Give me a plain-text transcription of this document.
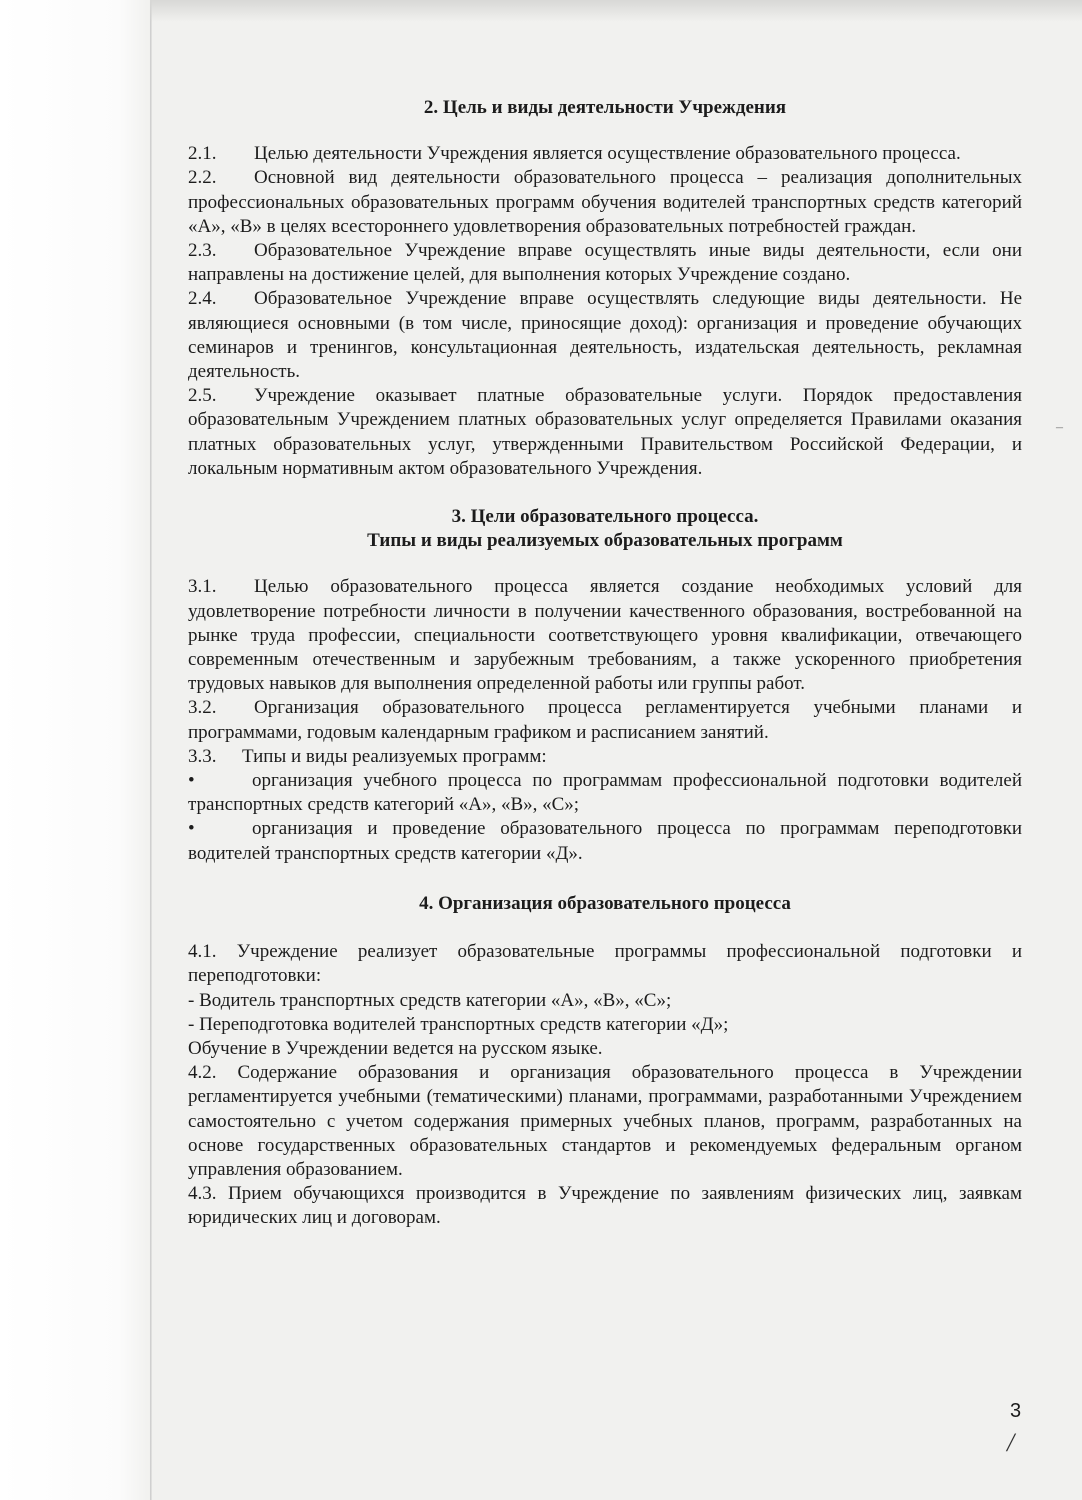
‒

2. Цель и виды деятельности Учреждения

2.1. Целью деятельности Учреждения является осуществление образовательного процесса.

2.2. Основной вид деятельности образовательного процесса – реализация дополнительных профессиональных образовательных программ обучения водителей транспортных средств категорий «А», «В» в целях всестороннего удовлетворения образовательных потребностей граждан.

2.3. Образовательное Учреждение вправе осуществлять иные виды деятельности, если они направлены на достижение целей, для выполнения которых Учреждение создано.

2.4. Образовательное Учреждение вправе осуществлять следующие виды деятельности. Не являющиеся основными (в том числе, приносящие доход): организация и проведение обучающих семинаров и тренингов, консультационная деятельность, издательская деятельность, рекламная деятельность.

2.5. Учреждение оказывает платные образовательные услуги. Порядок предоставления образовательным Учреждением платных образовательных услуг определяется Правилами оказания платных образовательных услуг, утвержденными Правительством Российской Федерации, и локальным нормативным актом образовательного Учреждения.

3. Цели образовательного процесса.
Типы и виды реализуемых образовательных программ

3.1. Целью образовательного процесса является создание необходимых условий для удовлетворение потребности личности в получении качественного образования, востребованной на рынке труда профессии, специальности соответствующего уровня квалификации, отвечающего современным отечественным и зарубежным требованиям, а также ускоренного приобретения трудовых навыков для выполнения определенной работы или группы работ.

3.2. Организация образовательного процесса регламентируется учебными планами и программами, годовым календарным графиком и расписанием занятий.

3.3. Типы и виды реализуемых программ:

•	организация учебного процесса по программам профессиональной подготовки водителей транспортных средств категорий «А», «В», «С»;

•	организация и проведение образовательного процесса по программам переподготовки водителей транспортных средств категории «Д».

4. Организация образовательного процесса

4.1. Учреждение реализует образовательные программы профессиональной подготовки и переподготовки:

- Водитель транспортных средств категории «А», «В», «С»;

- Переподготовка водителей транспортных средств категории «Д»;

Обучение в Учреждении ведется на русском языке.

4.2. Содержание образования и организация образовательного процесса в Учреждении регламентируется учебными (тематическими) планами, программами, разработанными Учреждением самостоятельно с учетом содержания примерных учебных планов, программ, разработанных на основе государственных образовательных стандартов и рекомендуемых федеральным органом управления образованием.

4.3. Прием обучающихся производится в Учреждение по заявлениям физических лиц, заявкам юридических лиц и договорам.

3
/
